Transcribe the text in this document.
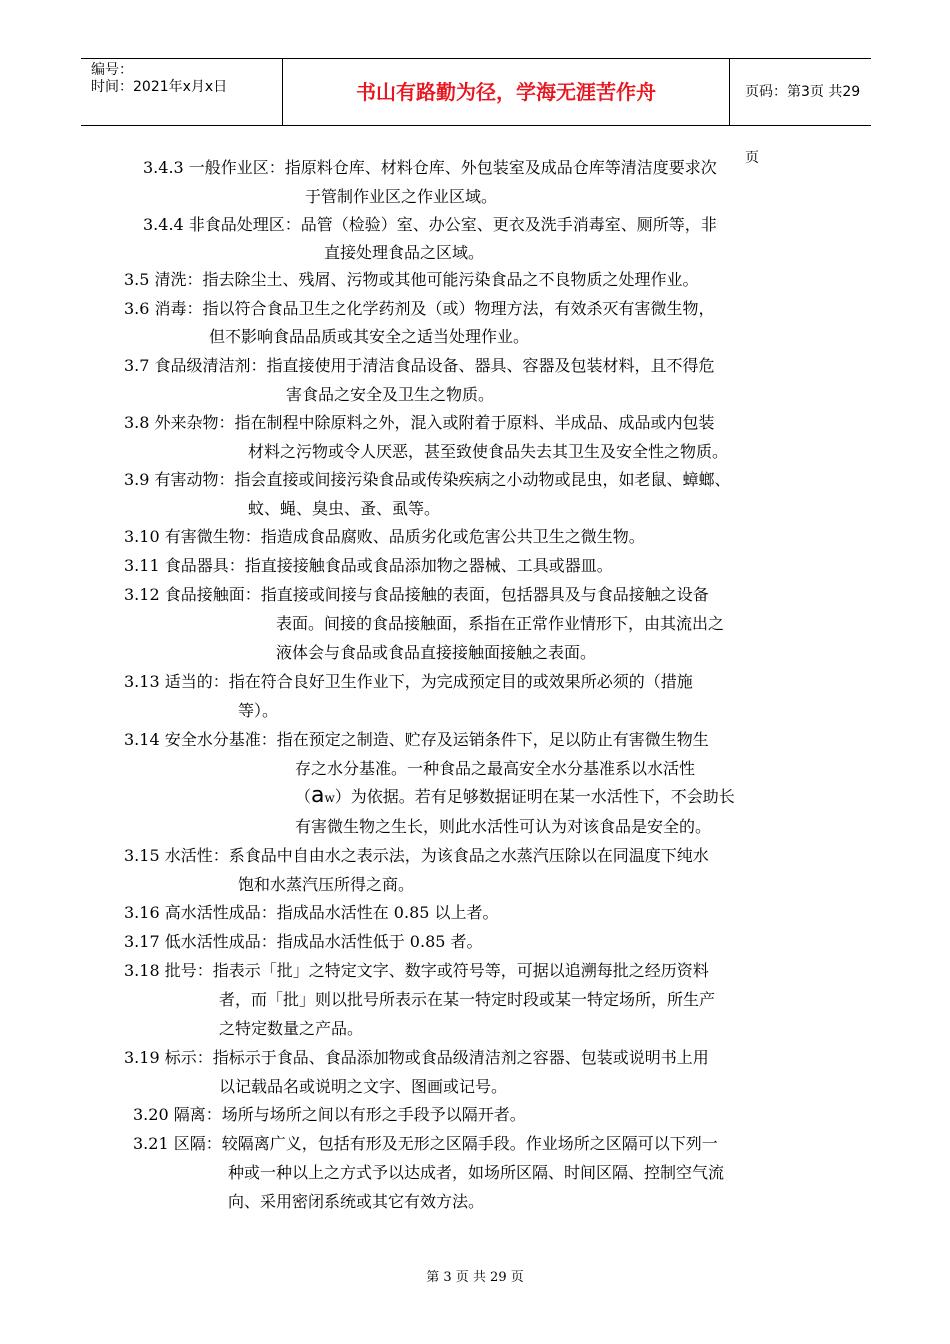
编号：
时间：2021年x月x日	书山有路勤为径，学海无涯苦作舟	页码：第3页 共29页
3.4.3 一般作业区：指原料仓库、材料仓库、外包装室及成品仓库等清洁度要求次
于管制作业区之作业区域。
3.4.4 非食品处理区：品管（检验）室、办公室、更衣及洗手消毒室、厕所等，非
直接处理食品之区域。
3.5 清洗：指去除尘土、残屑、污物或其他可能污染食品之不良物质之处理作业。
3.6 消毒：指以符合食品卫生之化学药剂及（或）物理方法，有效杀灭有害微生物，
但不影响食品品质或其安全之适当处理作业。
3.7 食品级清洁剂：指直接使用于清洁食品设备、器具、容器及包装材料，且不得危
害食品之安全及卫生之物质。
3.8 外来杂物：指在制程中除原料之外，混入或附着于原料、半成品、成品或内包装
材料之污物或令人厌恶，甚至致使食品失去其卫生及安全性之物质。
3.9 有害动物：指会直接或间接污染食品或传染疾病之小动物或昆虫，如老鼠、蟑螂、
蚊、蝇、臭虫、蚤、虱等。
3.10 有害微生物：指造成食品腐败、品质劣化或危害公共卫生之微生物。
3.11 食品器具：指直接接触食品或食品添加物之器械、工具或器皿。
3.12 食品接触面：指直接或间接与食品接触的表面，包括器具及与食品接触之设备
表面。间接的食品接触面，系指在正常作业情形下，由其流出之
液体会与食品或食品直接接触面接触之表面。
3.13 适当的：指在符合良好卫生作业下，为完成预定目的或效果所必须的（措施
等）。
3.14 安全水分基准：指在预定之制造、贮存及运销条件下，足以防止有害微生物生
存之水分基准。一种食品之最高安全水分基准系以水活性
（aw）为依据。若有足够数据证明在某一水活性下，不会助长
有害微生物之生长，则此水活性可认为对该食品是安全的。
3.15 水活性：系食品中自由水之表示法，为该食品之水蒸汽压除以在同温度下纯水
饱和水蒸汽压所得之商。
3.16 高水活性成品：指成品水活性在 0.85 以上者。
3.17 低水活性成品：指成品水活性低于 0.85 者。
3.18 批号：指表示「批」之特定文字、数字或符号等，可据以追溯每批之经历资料
者，而「批」则以批号所表示在某一特定时段或某一特定场所，所生产
之特定数量之产品。
3.19 标示：指标示于食品、食品添加物或食品级清洁剂之容器、包装或说明书上用
以记载品名或说明之文字、图画或记号。
3.20 隔离：场所与场所之间以有形之手段予以隔开者。
3.21 区隔：较隔离广义，包括有形及无形之区隔手段。作业场所之区隔可以下列一
种或一种以上之方式予以达成者，如场所区隔、时间区隔、控制空气流
向、采用密闭系统或其它有效方法。
第 3 页 共 29 页
